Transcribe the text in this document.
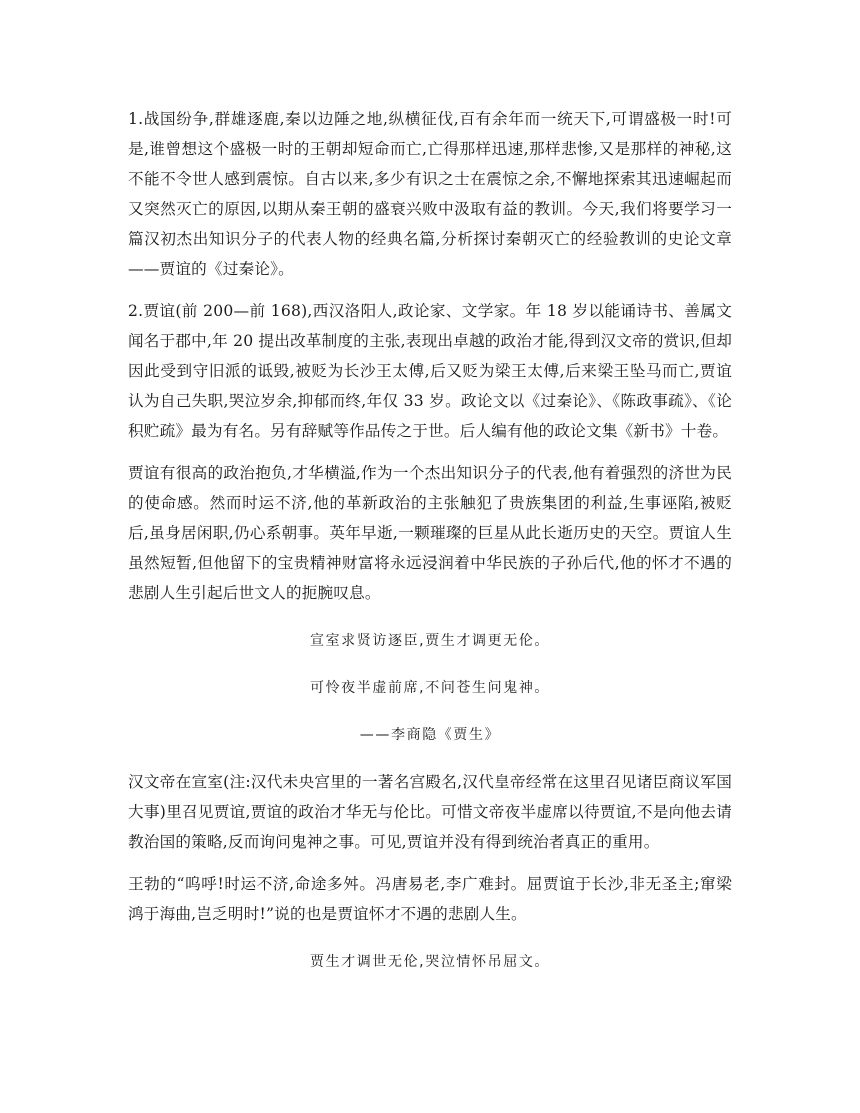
1.战国纷争,群雄逐鹿,秦以边陲之地,纵横征伐,百有余年而一统天下,可谓盛极一时!可是,谁曾想这个盛极一时的王朝却短命而亡,亡得那样迅速,那样悲惨,又是那样的神秘,这不能不令世人感到震惊。自古以来,多少有识之士在震惊之余,不懈地探索其迅速崛起而又突然灭亡的原因,以期从秦王朝的盛衰兴败中汲取有益的教训。今天,我们将要学习一篇汉初杰出知识分子的代表人物的经典名篇,分析探讨秦朝灭亡的经验教训的史论文章——贾谊的《过秦论》。

2.贾谊(前 200—前 168),西汉洛阳人,政论家、文学家。年 18 岁以能诵诗书、善属文闻名于郡中,年 20 提出改革制度的主张,表现出卓越的政治才能,得到汉文帝的赏识,但却因此受到守旧派的诋毁,被贬为长沙王太傅,后又贬为梁王太傅,后来梁王坠马而亡,贾谊认为自己失职,哭泣岁余,抑郁而终,年仅 33 岁。政论文以《过秦论》、《陈政事疏》、《论积贮疏》最为有名。另有辞赋等作品传之于世。后人编有他的政论文集《新书》十卷。

贾谊有很高的政治抱负,才华横溢,作为一个杰出知识分子的代表,他有着强烈的济世为民的使命感。然而时运不济,他的革新政治的主张触犯了贵族集团的利益,生事诬陷,被贬后,虽身居闲职,仍心系朝事。英年早逝,一颗璀璨的巨星从此长逝历史的天空。贾谊人生虽然短暂,但他留下的宝贵精神财富将永远浸润着中华民族的子孙后代,他的怀才不遇的悲剧人生引起后世文人的扼腕叹息。

宣室求贤访逐臣,贾生才调更无伦。

可怜夜半虚前席,不问苍生问鬼神。

——李商隐《贾生》

汉文帝在宣室(注:汉代未央宫里的一著名宫殿名,汉代皇帝经常在这里召见诸臣商议军国大事)里召见贾谊,贾谊的政治才华无与伦比。可惜文帝夜半虚席以待贾谊,不是向他去请教治国的策略,反而询问鬼神之事。可见,贾谊并没有得到统治者真正的重用。

王勃的“呜呼!时运不济,命途多舛。冯唐易老,李广难封。屈贾谊于长沙,非无圣主;窜梁鸿于海曲,岂乏明时!”说的也是贾谊怀才不遇的悲剧人生。

贾生才调世无伦,哭泣情怀吊屈文。
